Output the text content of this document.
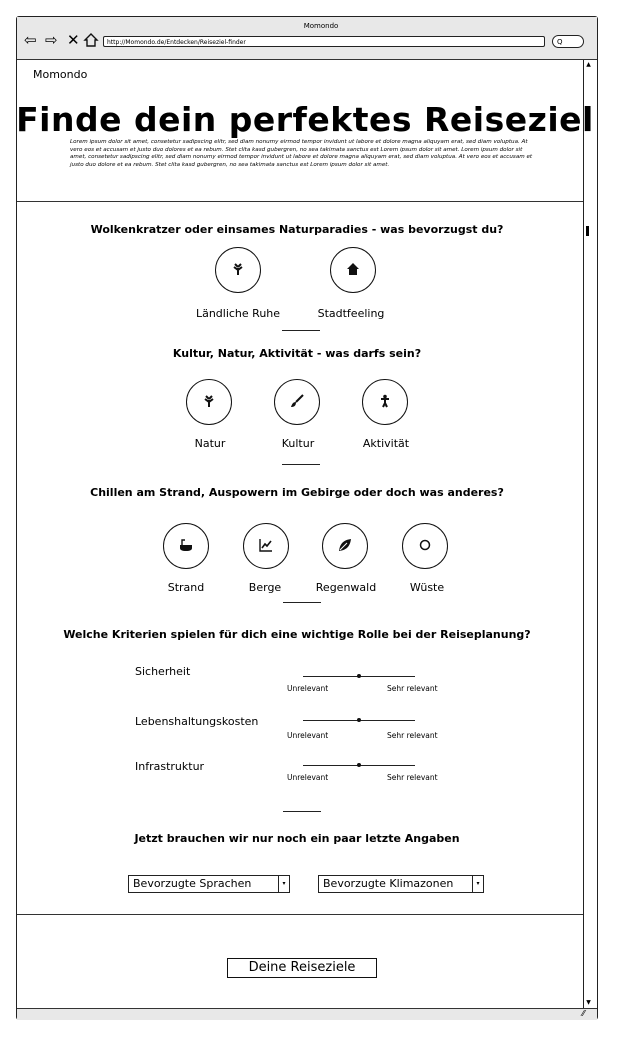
Momondo
⇦ ⇨ ✕	http://Momondo.de/Entdecken/Reiseziel-finder	Q
▲
▼
⁄⁄
Momondo
Finde dein perfektes Reiseziel
Lorem ipsum dolor sit amet, consetetur sadipscing elitr, sed diam nonumy eirmod tempor invidunt ut labore et dolore magna aliquyam erat, sed diam voluptua. At vero eos et accusam et justo duo dolores et ea rebum. Stet clita kasd gubergren, no sea takimata sanctus est Lorem ipsum dolor sit amet. Lorem ipsum dolor sit amet, consetetur sadipscing elitr, sed diam nonumy eirmod tempor invidunt ut labore et dolore magna aliquyam erat, sed diam voluptua. At vero eos et accusam et justo duo dolore et ea rebum. Stet clita kasd gubergren, no sea takimata sanctus est Lorem ipsum dolor sit amet.
Wolkenkratzer oder einsames Naturparadies - was bevorzugst du?
Ländliche Ruhe	Stadtfeeling
Kultur, Natur, Aktivität - was darfs sein?
Natur	Kultur	Aktivität
Chillen am Strand, Auspowern im Gebirge oder doch was anderes?
Strand	Berge	Regenwald	Wüste
Welche Kriterien spielen für dich eine wichtige Rolle bei der Reiseplanung?
Sicherheit
Unrelevant	Sehr relevant
Lebenshaltungskosten
Unrelevant	Sehr relevant
Infrastruktur
Unrelevant	Sehr relevant
Jetzt brauchen wir nur noch ein paar letzte Angaben
Bevorzugte Sprachen	▾	Bevorzugte Klimazonen	▾
Deine Reiseziele
